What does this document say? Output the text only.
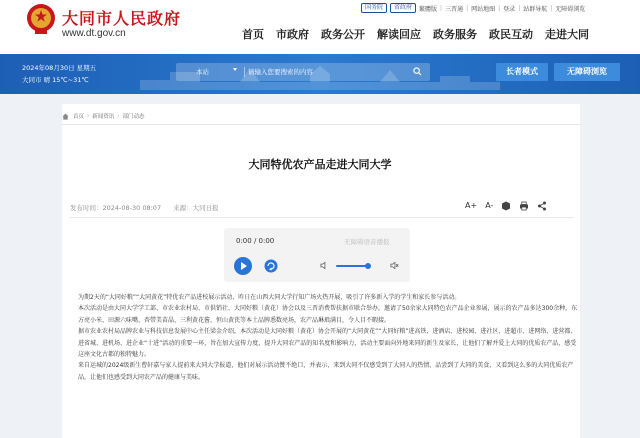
大同市人民政府
www.dt.gov.cn
国务院	省政府	繁體版 | 三晋通 | 网站地图 | 登录 | 站群导航 | 无障碍浏览
首页	市政府	政务公开	解读回应	政务服务	政民互动	走进大同
2024年08月30日 星期五
大同市 晴 15℃~31℃
本站	请输入您要搜索的内容	长者模式	无障碍浏览
首页 › 新闻资讯 › 部门动态
大同特优农产品走进大同大学
发布时间：2024-08-30 08:07 来源：大同日报	A+ A-
0:00 / 0:00	无障碍语音播报

为期2天的“大同好粮”“大同黄花”特优农产品进校展示活动，昨日在山西大同大学行知广场火热开展，吸引了许多新入学的学生和家长参与活动。

本次活动是由大同大学学工部、市农业农村局、市供销社、大同好粮（黄花）协会以及三晋消费帮扶据市联合举办，邀请了50余家大同特色农产品企业参展，展示的农产品多达300余种，东方亮小米、田源六味嘴、杏带美苗晶、三利黄花酱、恒山黄芪等本土品牌悉数亮场，农产品琳琅满目，令人目不暇接。

据市农业农村局品牌农业与科技信息发展中心主任梁金介绍，本次活动是大同好粮（黄花）协会开展的“大同黄花”“大同好粮”进高铁、进酒店、进校园、进社区、进超市、进网络、进营都、进省城、进机场、进企业“十进”活动的重要一环，旨在加大宣传力度，提升大同农产品的知名度和影响力，活动主要面向外地来同的新生及家长，让他们了解并爱上大同的优质农产品，感受这座文化古都的独特魅力。

来自运城的2024级新生曹轩嘉与家人提前来大同大学报道，他们对展示活动赞不绝口，并表示，来到大同不仅感受到了大同人的热情，品尝到了大同的美食，又看到这么多的大同优质农产品，让他们也感受到大同农产品的健康与美味。
